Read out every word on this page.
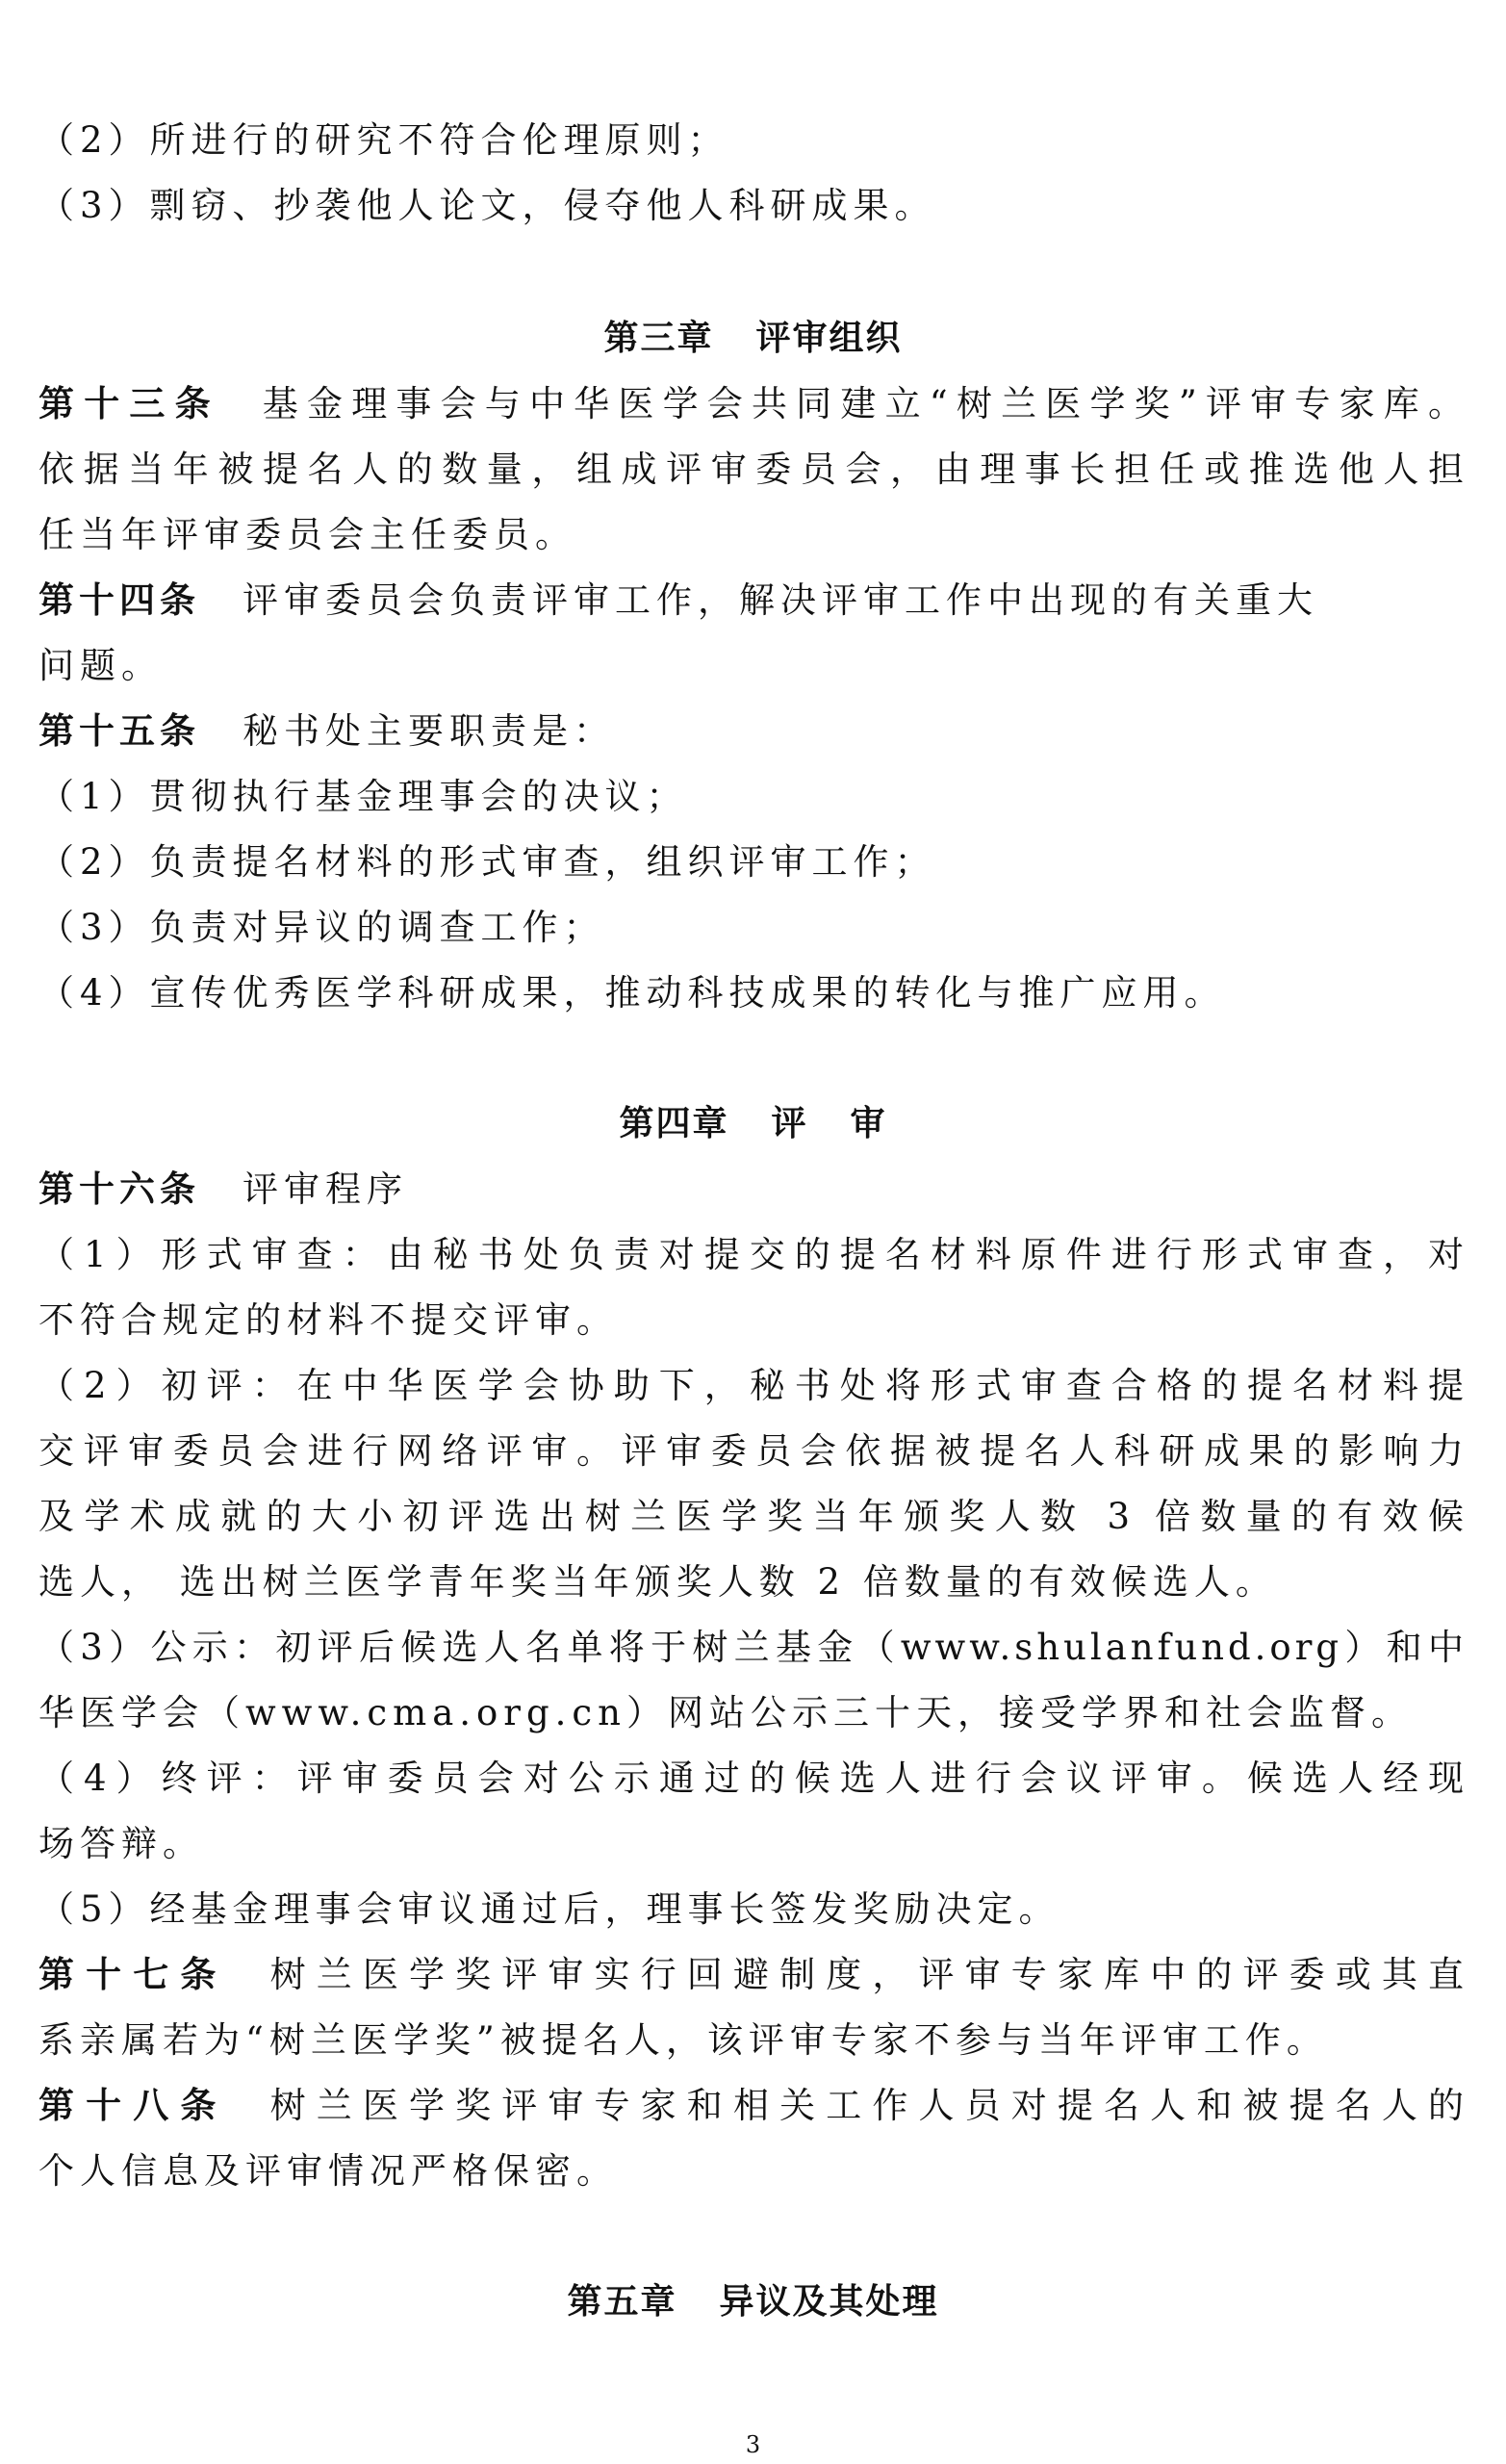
（2）所进行的研究不符合伦理原则；
（3）剽窃、抄袭他人论文，侵夺他人科研成果。
第三章 评审组织
第十三条 基金理事会与中华医学会共同建立“树兰医学奖”评审专家库。
依据当年被提名人的数量，组成评审委员会，由理事长担任或推选他人担
任当年评审委员会主任委员。
第十四条 评审委员会负责评审工作，解决评审工作中出现的有关重大
问题。
第十五条 秘书处主要职责是：
（1）贯彻执行基金理事会的决议；
（2）负责提名材料的形式审查，组织评审工作；
（3）负责对异议的调查工作；
（4）宣传优秀医学科研成果，推动科技成果的转化与推广应用。
第四章 评 审
第十六条 评审程序
（1）形式审查：由秘书处负责对提交的提名材料原件进行形式审查，对
不符合规定的材料不提交评审。
（2）初评：在中华医学会协助下，秘书处将形式审查合格的提名材料提
交评审委员会进行网络评审。评审委员会依据被提名人科研成果的影响力
及学术成就的大小初评选出树兰医学奖当年颁奖人数 3 倍数量的有效候
选人， 选出树兰医学青年奖当年颁奖人数 2 倍数量的有效候选人。
（3）公示：初评后候选人名单将于树兰基金（www.shulanfund.org）和中
华医学会（www.cma.org.cn）网站公示三十天，接受学界和社会监督。
（4）终评：评审委员会对公示通过的候选人进行会议评审。候选人经现
场答辩。
（5）经基金理事会审议通过后，理事长签发奖励决定。
第十七条 树兰医学奖评审实行回避制度，评审专家库中的评委或其直
系亲属若为“树兰医学奖”被提名人，该评审专家不参与当年评审工作。
第十八条 树兰医学奖评审专家和相关工作人员对提名人和被提名人的
个人信息及评审情况严格保密。
第五章 异议及其处理
3
